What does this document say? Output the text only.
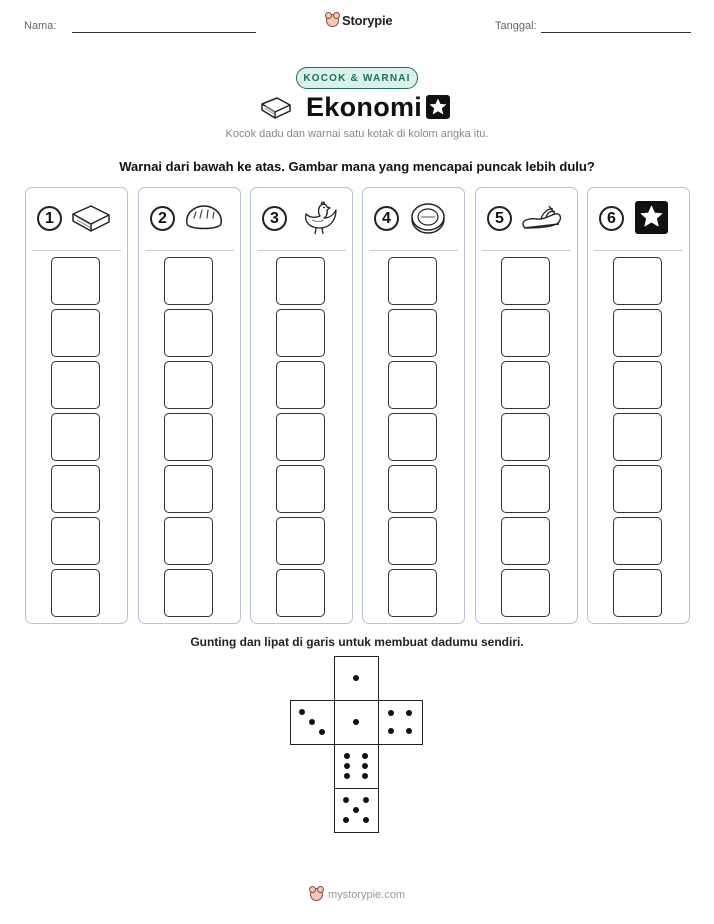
Nama:	Storypie	Tanggal:
KOCOK & WARNAI
Ekonomi
Kocok dadu dan warnai satu kotak di kolom angka itu.
Warnai dari bawah ke atas. Gambar mana yang mencapai puncak lebih dulu?
1	2	3	4	5	6
Gunting dan lipat di garis untuk membuat dadumu sendiri.
mystorypie.com
